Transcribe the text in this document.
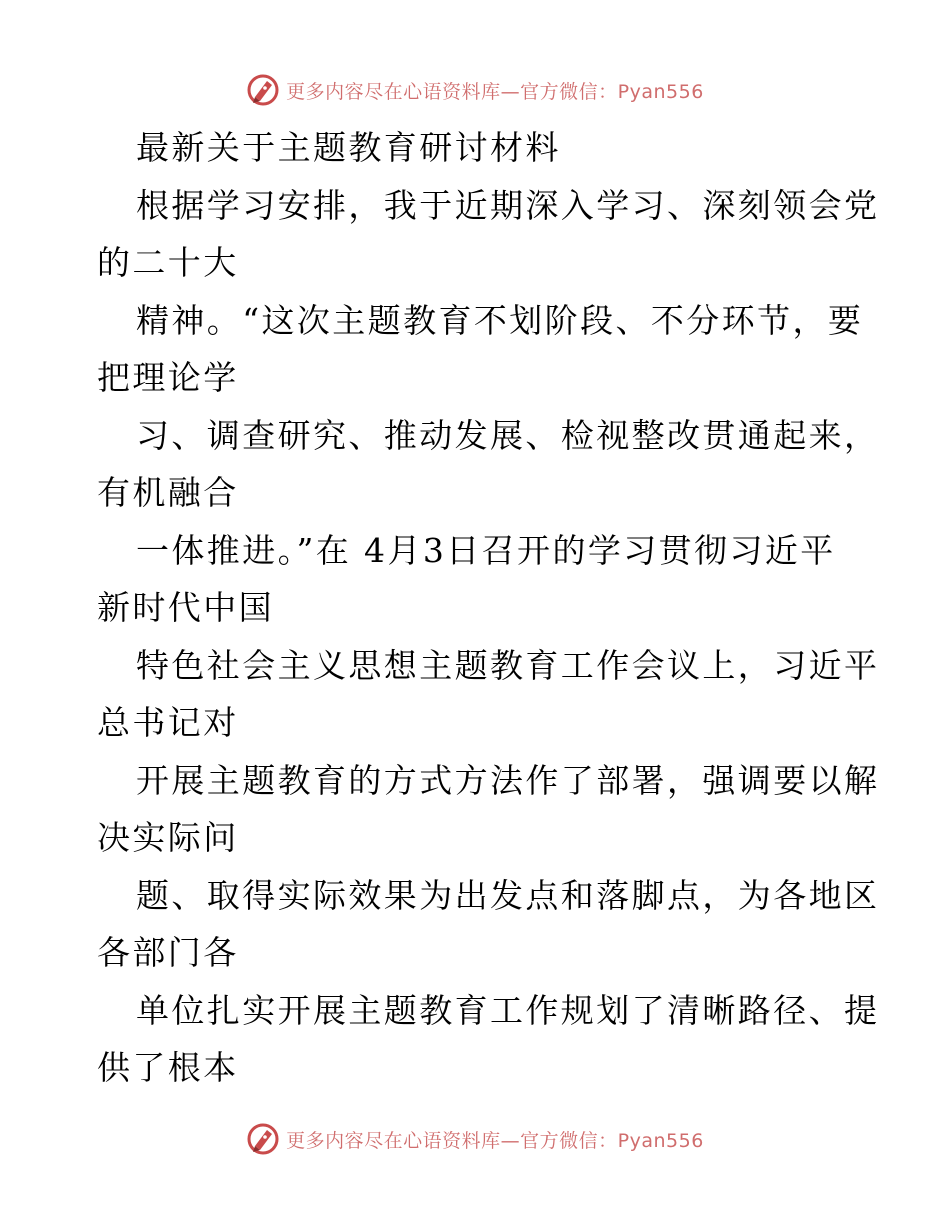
更多内容尽在心语资料库—官方微信：Pyan556
最新关于主题教育研讨材料
根据学习安排，我于近期深入学习、深刻领会党
的二十大
精神。“这次主题教育不划阶段、不分环节，要
把理论学
习、调查研究、推动发展、检视整改贯通起来，
有机融合
一体推进。”在 4月3日召开的学习贯彻习近平
新时代中国
特色社会主义思想主题教育工作会议上，习近平
总书记对
开展主题教育的方式方法作了部署，强调要以解
决实际问
题、取得实际效果为出发点和落脚点，为各地区
各部门各
单位扎实开展主题教育工作规划了清晰路径、提
供了根本
更多内容尽在心语资料库—官方微信：Pyan556
